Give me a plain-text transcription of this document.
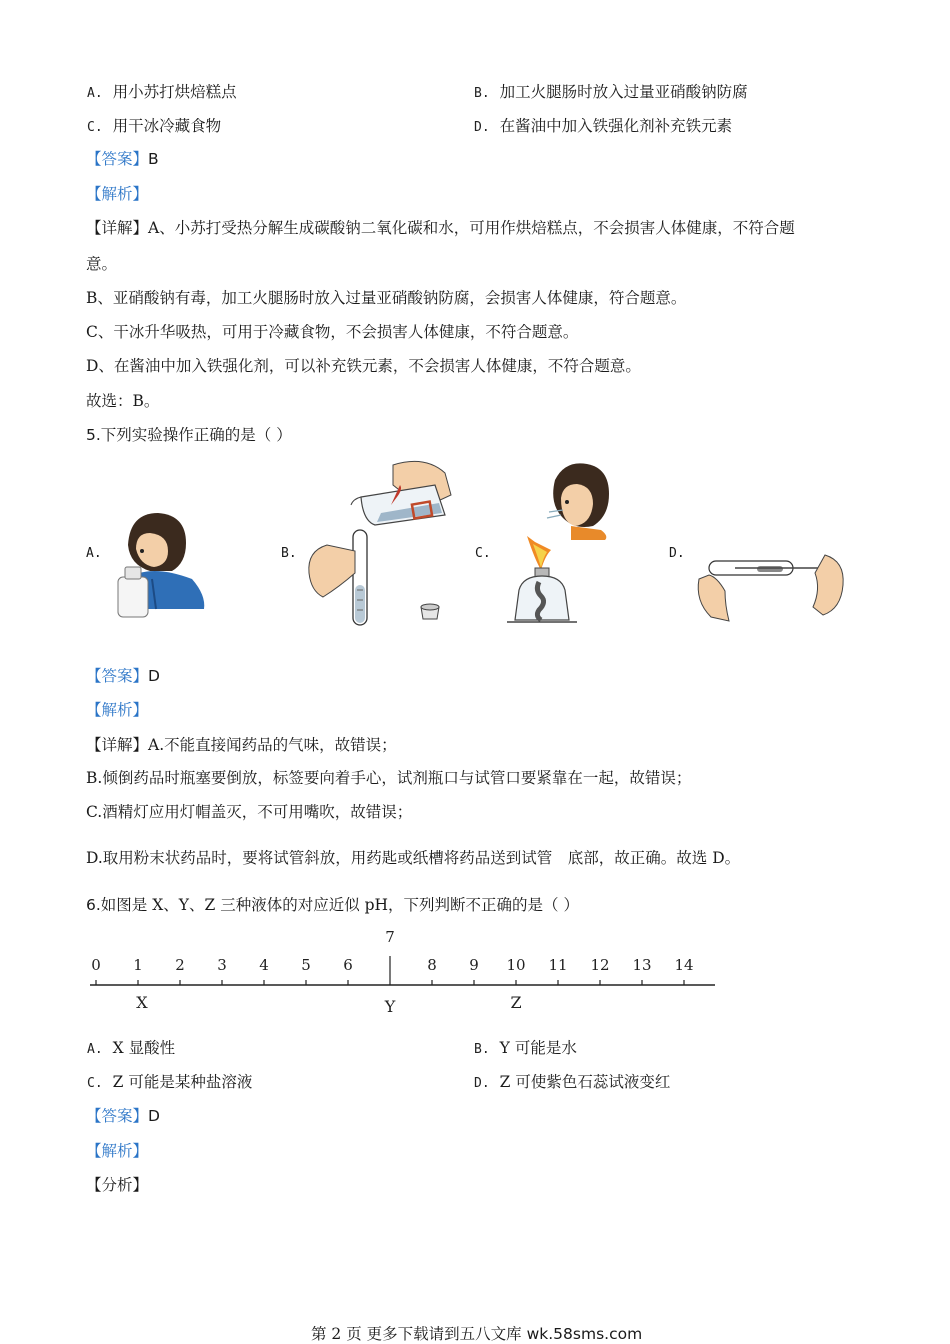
A. 用小苏打烘焙糕点	B. 加工火腿肠时放入过量亚硝酸钠防腐
C. 用干冰冷藏食物	D. 在酱油中加入铁强化剂补充铁元素
【答案】B
【解析】
【详解】A、小苏打受热分解生成碳酸钠二氧化碳和水，可用作烘焙糕点，不会损害人体健康，不符合题
意。
B、亚硝酸钠有毒，加工火腿肠时放入过量亚硝酸钠防腐，会损害人体健康，符合题意。
C、干冰升华吸热，可用于冷藏食物，不会损害人体健康，不符合题意。
D、在酱油中加入铁强化剂，可以补充铁元素，不会损害人体健康，不符合题意。
故选：B。
5.下列实验操作正确的是（ ）
A.	B.	C.	D.
【答案】D
【解析】
【详解】A.不能直接闻药品的气味，故错误；
B.倾倒药品时瓶塞要倒放，标签要向着手心，试剂瓶口与试管口要紧靠在一起，故错误；
C.酒精灯应用灯帽盖灭，不可用嘴吹，故错误；
D.取用粉末状药品时，要将试管斜放，用药匙或纸槽将药品送到试管　底部，故正确。故选 D。
6.如图是 X、Y、Z 三种液体的对应近似 pH，下列判断不正确的是（ ）
0 1 2 3 4 5 6
7
8 9 10 11 12 13 14
X	Y	Z
A. X 显酸性	B. Y 可能是水
C. Z 可能是某种盐溶液	D. Z 可使紫色石蕊试液变红
【答案】D
【解析】
【分析】
第 2 页 更多下载请到五八文库 wk.58sms.com
